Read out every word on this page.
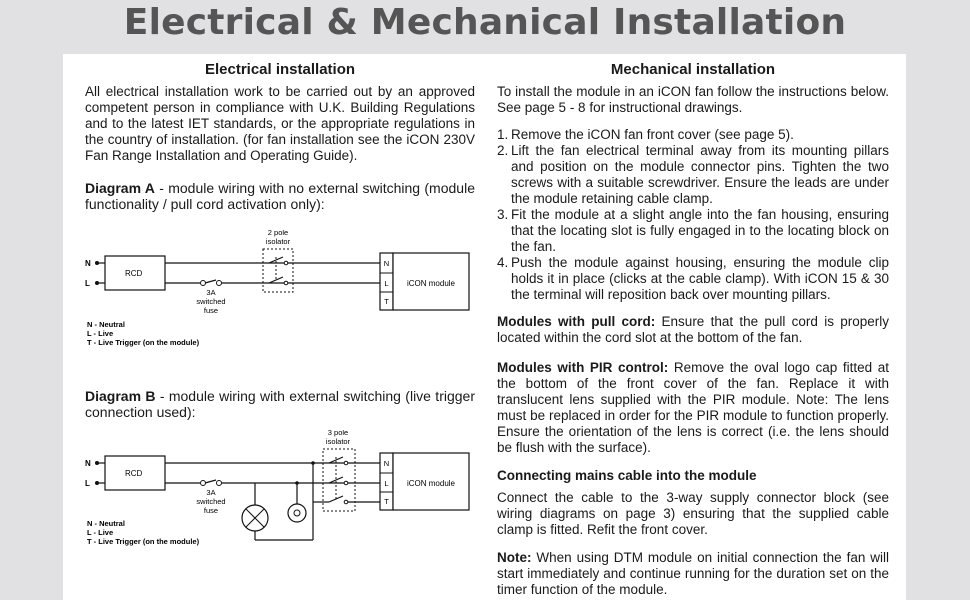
Electrical & Mechanical Installation
Electrical installation

All electrical installation work to be carried out by an approved competent person in compliance with U.K. Building Regulations and to the latest IET standards, or the appropriate regulations in the country of installation. (for fan installation see the iCON 230V Fan Range Installation and Operating Guide).

Diagram A - module wiring with no external switching (module functionality / pull cord activation only):

N
L
RCD
3A
switched
fuse
2 pole
isolator
N
L
T
iCON module
N - Neutral
L - Live
T - Live Trigger (on the module)

Diagram B - module wiring with external switching (live trigger connection used):

N
L
RCD
3A
switched
fuse
3 pole
isolator
N
L
T
iCON module
N - Neutral
L - Live
T - Live Trigger (on the module)
Mechanical installation

To install the module in an iCON fan follow the instructions below. See page 5 - 8 for instructional drawings.

1. Remove the iCON fan front cover (see page 5).
2. Lift the fan electrical terminal away from its mounting pillars and position on the module connector pins. Tighten the two screws with a suitable screwdriver. Ensure the leads are under the module retaining cable clamp.
3. Fit the module at a slight angle into the fan housing, ensuring that the locating slot is fully engaged in to the locating block on the fan.
4. Push the module against housing, ensuring the module clip holds it in place (clicks at the cable clamp). With iCON 15 & 30 the terminal will reposition back over mounting pillars.

Modules with pull cord: Ensure that the pull cord is properly located within the cord slot at the bottom of the fan.

Modules with PIR control: Remove the oval logo cap fitted at the bottom of the front cover of the fan. Replace it with translucent lens supplied with the PIR module. Note: The lens must be replaced in order for the PIR module to function properly. Ensure the orientation of the lens is correct (i.e. the lens should be flush with the surface).

Connecting mains cable into the module

Connect the cable to the 3-way supply connector block (see wiring diagrams on page 3) ensuring that the supplied cable clamp is fitted. Refit the front cover.

Note: When using DTM module on initial connection the fan will start immediately and continue running for the duration set on the timer function of the module.
